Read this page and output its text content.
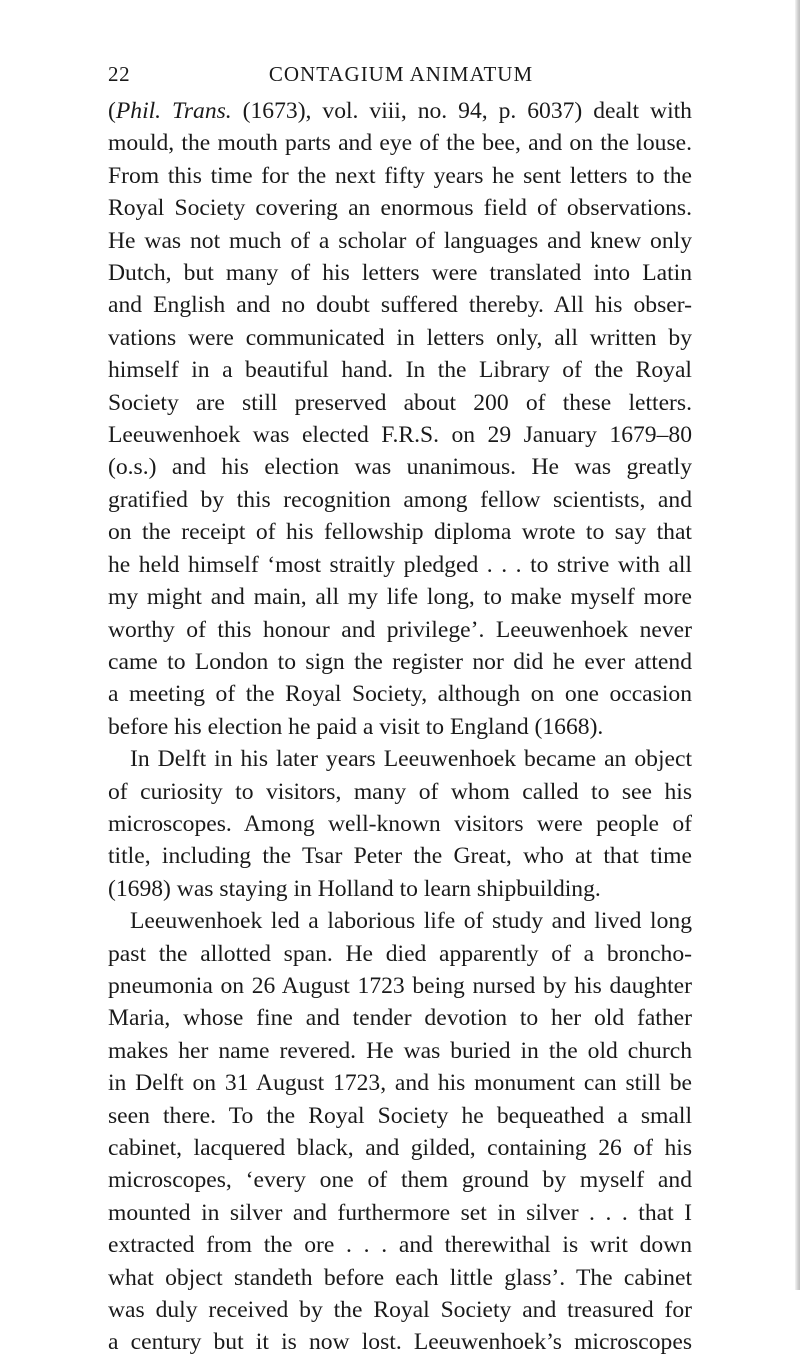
22	CONTAGIUM ANIMATUM
(Phil. Trans. (1673), vol. viii, no. 94, p. 6037) dealt with
mould, the mouth parts and eye of the bee, and on the louse.
From this time for the next fifty years he sent letters to the
Royal Society covering an enormous field of observations.
He was not much of a scholar of languages and knew only
Dutch, but many of his letters were translated into Latin
and English and no doubt suffered thereby. All his obser-
vations were communicated in letters only, all written by
himself in a beautiful hand. In the Library of the Royal
Society are still preserved about 200 of these letters.
Leeuwenhoek was elected F.R.S. on 29 January 1679–80
(o.s.) and his election was unanimous. He was greatly
gratified by this recognition among fellow scientists, and
on the receipt of his fellowship diploma wrote to say that
he held himself ‘most straitly pledged . . . to strive with all
my might and main, all my life long, to make myself more
worthy of this honour and privilege’. Leeuwenhoek never
came to London to sign the register nor did he ever attend
a meeting of the Royal Society, although on one occasion
before his election he paid a visit to England (1668).
In Delft in his later years Leeuwenhoek became an object
of curiosity to visitors, many of whom called to see his
microscopes. Among well-known visitors were people of
title, including the Tsar Peter the Great, who at that time
(1698) was staying in Holland to learn shipbuilding.
Leeuwenhoek led a laborious life of study and lived long
past the allotted span. He died apparently of a broncho-
pneumonia on 26 August 1723 being nursed by his daughter
Maria, whose fine and tender devotion to her old father
makes her name revered. He was buried in the old church
in Delft on 31 August 1723, and his monument can still be
seen there. To the Royal Society he bequeathed a small
cabinet, lacquered black, and gilded, containing 26 of his
microscopes, ‘every one of them ground by myself and
mounted in silver and furthermore set in silver . . . that I
extracted from the ore . . . and therewithal is writ down
what object standeth before each little glass’. The cabinet
was duly received by the Royal Society and treasured for
a century but it is now lost. Leeuwenhoek’s microscopes
